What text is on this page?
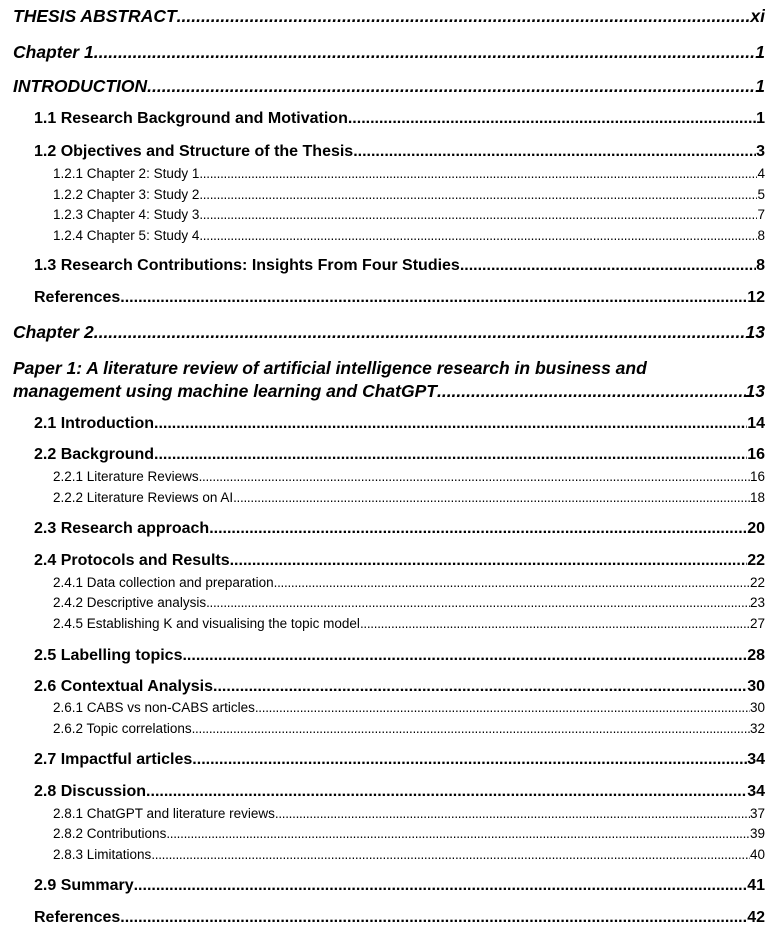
THESIS ABSTRACT .....	xi
Chapter 1. .....	1
INTRODUCTION .....	1
1.1 Research Background and Motivation .....	1
1.2 Objectives and Structure of the Thesis .....	3
1.2.1 Chapter 2: Study 1 .....	4
1.2.2 Chapter 3: Study 2 .....	5
1.2.3 Chapter 4: Study 3 .....	7
1.2.4 Chapter 5: Study 4 .....	8
1.3 Research Contributions: Insights From Four Studies .....	8
References .....	12
Chapter 2. .....	13
Paper 1: A literature review of artificial intelligence research in business and
management using machine learning and ChatGPT .....	13
2.1 Introduction .....	14
2.2 Background .....	16
2.2.1 Literature Reviews .....	16
2.2.2 Literature Reviews on AI .....	18
2.3 Research approach .....	20
2.4 Protocols and Results .....	22
2.4.1 Data collection and preparation .....	22
2.4.2 Descriptive analysis .....	23
2.4.5 Establishing K and visualising the topic model .....	27
2.5 Labelling topics .....	28
2.6 Contextual Analysis .....	30
2.6.1 CABS vs non-CABS articles .....	30
2.6.2 Topic correlations .....	32
2.7 Impactful articles .....	34
2.8 Discussion .....	34
2.8.1 ChatGPT and literature reviews .....	37
2.8.2 Contributions .....	39
2.8.3 Limitations .....	40
2.9 Summary .....	41
References .....	42
